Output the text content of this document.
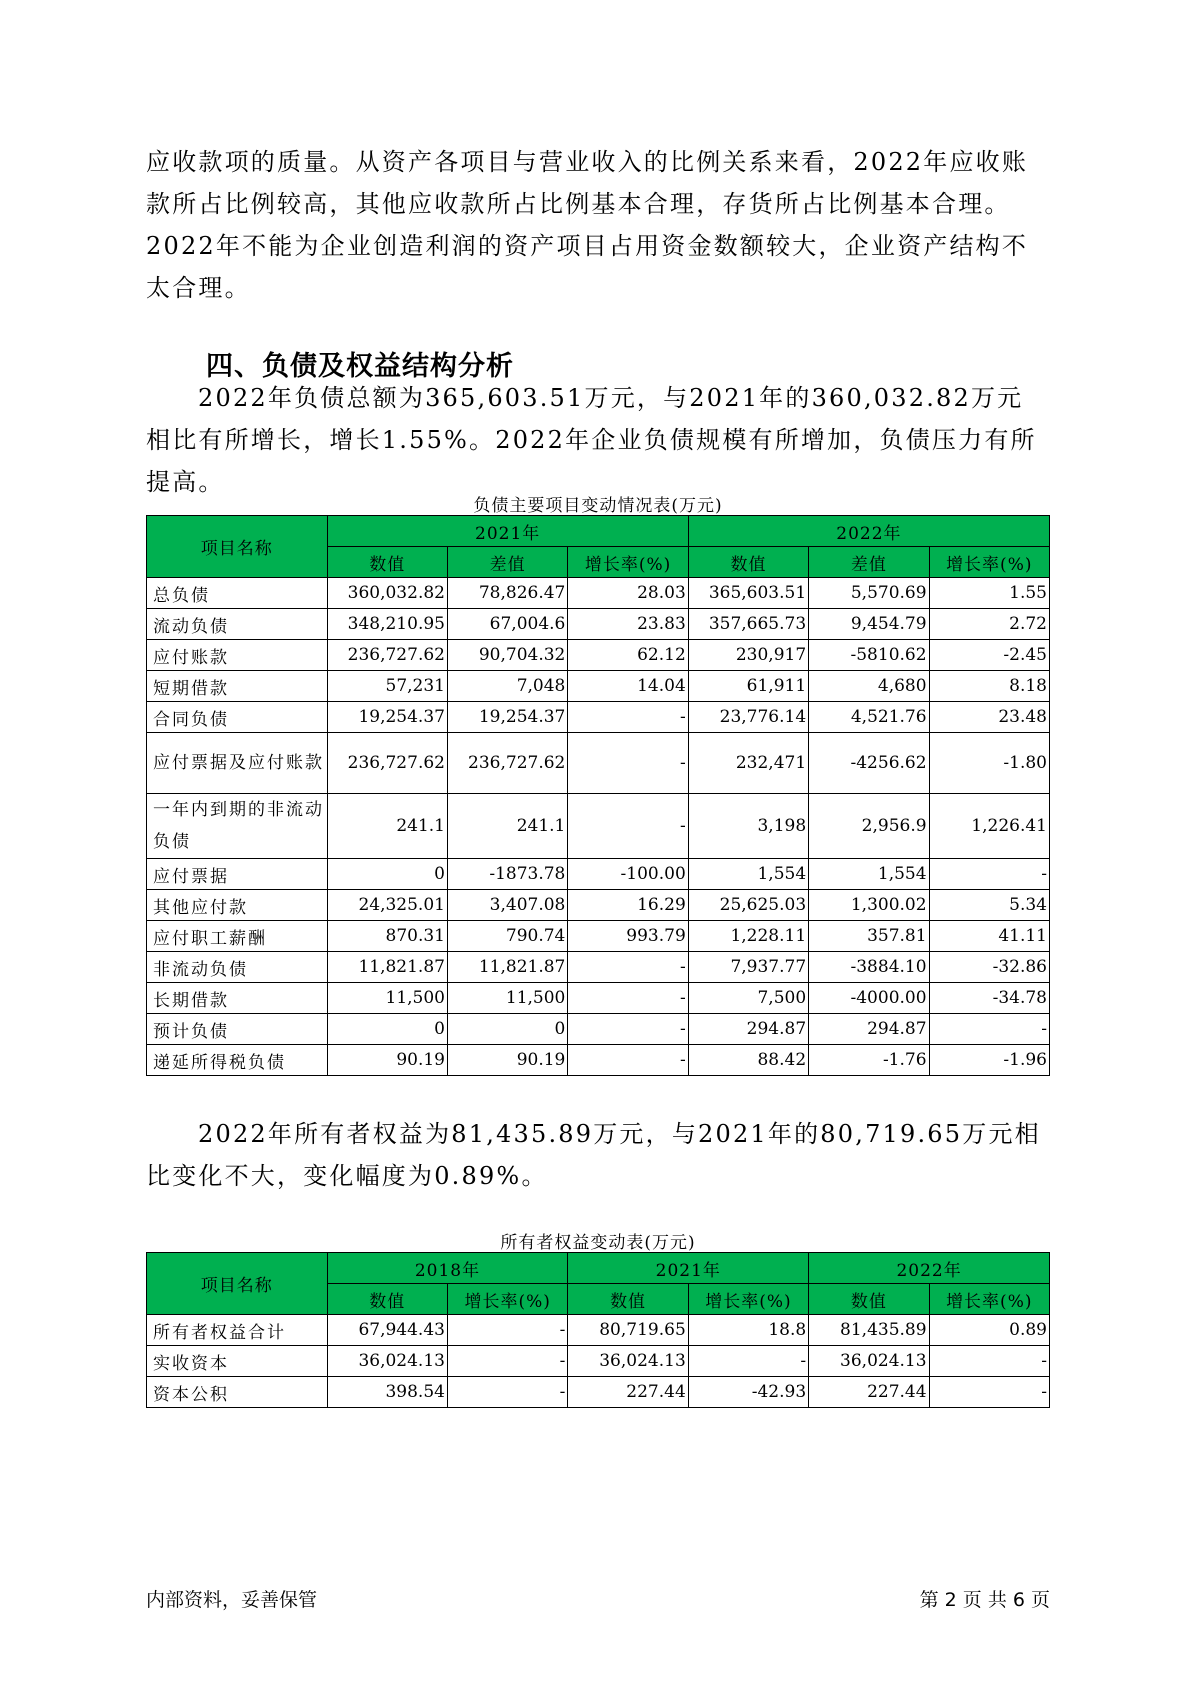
应收款项的质量。从资产各项目与营业收入的比例关系来看，2022年应收账款所占比例较高，其他应收款所占比例基本合理，存货所占比例基本合理。2022年不能为企业创造利润的资产项目占用资金数额较大，企业资产结构不太合理。

四、负债及权益结构分析

2022年负债总额为365,603.51万元，与2021年的360,032.82万元相比有所增长，增长1.55%。2022年企业负债规模有所增加，负债压力有所提高。

负债主要项目变动情况表(万元)
项目名称	2021年			2022年		
	数值	差值	增长率(%)	数值	差值	增长率(%)
总负债	360,032.82	78,826.47	28.03	365,603.51	5,570.69	1.55
流动负债	348,210.95	67,004.6	23.83	357,665.73	9,454.79	2.72
应付账款	236,727.62	90,704.32	62.12	230,917	-5810.62	-2.45
短期借款	57,231	7,048	14.04	61,911	4,680	8.18
合同负债	19,254.37	19,254.37	-	23,776.14	4,521.76	23.48
应付票据及应付账款	236,727.62	236,727.62	-	232,471	-4256.62	-1.80
一年内到期的非流动负债	241.1	241.1	-	3,198	2,956.9	1,226.41
应付票据	0	-1873.78	-100.00	1,554	1,554	-
其他应付款	24,325.01	3,407.08	16.29	25,625.03	1,300.02	5.34
应付职工薪酬	870.31	790.74	993.79	1,228.11	357.81	41.11
非流动负债	11,821.87	11,821.87	-	7,937.77	-3884.10	-32.86
长期借款	11,500	11,500	-	7,500	-4000.00	-34.78
预计负债	0	0	-	294.87	294.87	-
递延所得税负债	90.19	90.19	-	88.42	-1.76	-1.96

2022年所有者权益为81,435.89万元，与2021年的80,719.65万元相比变化不大，变化幅度为0.89%。

所有者权益变动表(万元)
项目名称	2018年		2021年		2022年	
	数值	增长率(%)	数值	增长率(%)	数值	增长率(%)
所有者权益合计	67,944.43	-	80,719.65	18.8	81,435.89	0.89
实收资本	36,024.13	-	36,024.13	-	36,024.13	-
资本公积	398.54	-	227.44	-42.93	227.44	-
内部资料，妥善保管	第 2 页 共 6 页
